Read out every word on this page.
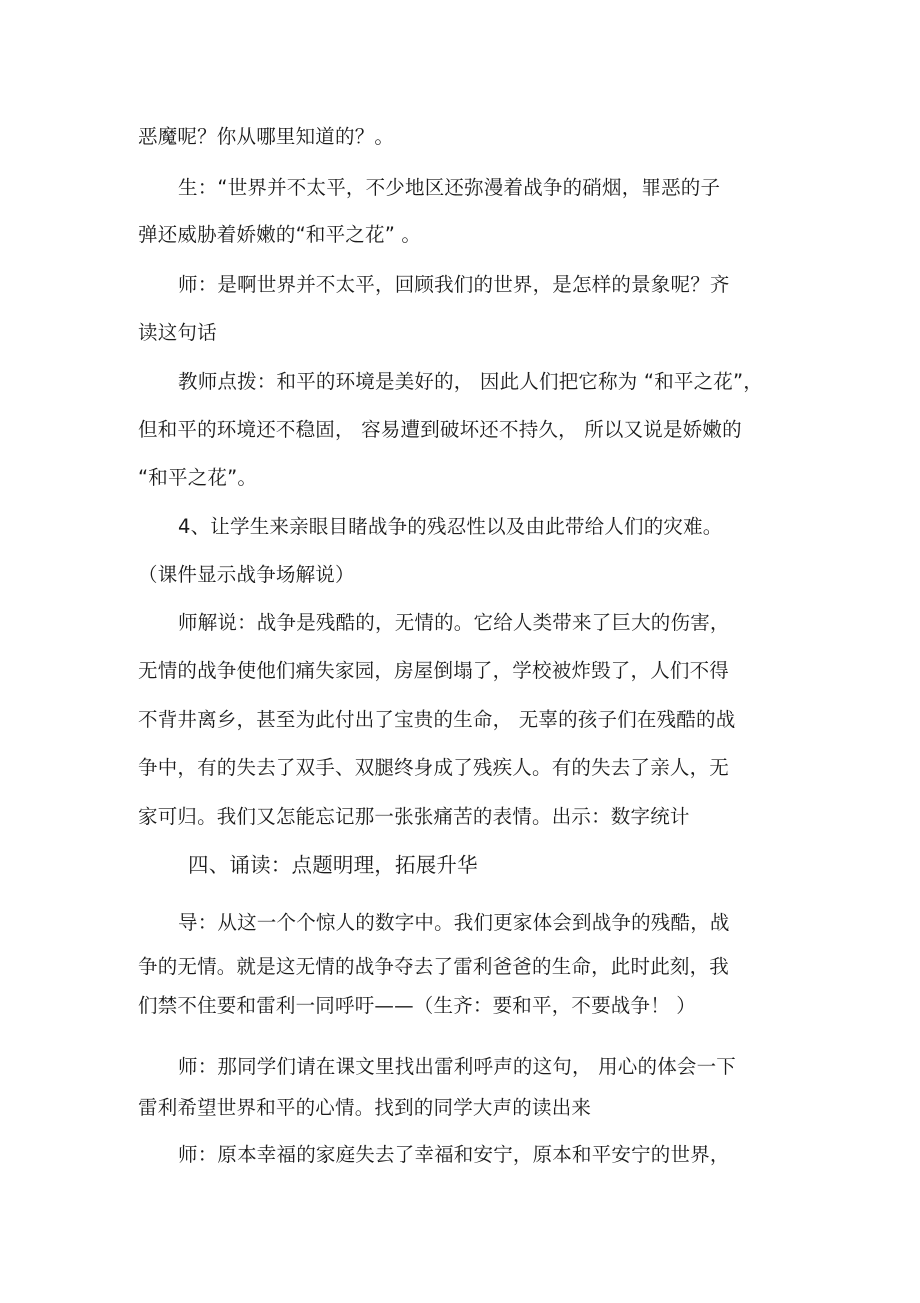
恶魔呢？你从哪里知道的？。
生：“世界并不太平，不少地区还弥漫着战争的硝烟，罪恶的子
弹还威胁着娇嫩的“和平之花” 。
师：是啊世界并不太平，回顾我们的世界，是怎样的景象呢？齐
读这句话
教师点拨：和平的环境是美好的， 因此人们把它称为 “和平之花”，
但和平的环境还不稳固， 容易遭到破坏还不持久， 所以又说是娇嫩的
“和平之花”。
4、让学生来亲眼目睹战争的残忍性以及由此带给人们的灾难。
（课件显示战争场解说）
师解说：战争是残酷的，无情的。它给人类带来了巨大的伤害，
无情的战争使他们痛失家园，房屋倒塌了，学校被炸毁了，人们不得
不背井离乡，甚至为此付出了宝贵的生命， 无辜的孩子们在残酷的战
争中，有的失去了双手、双腿终身成了残疾人。有的失去了亲人，无
家可归。我们又怎能忘记那一张张痛苦的表情。出示：数字统计
四、诵读：点题明理，拓展升华
导：从这一个个惊人的数字中。我们更家体会到战争的残酷，战
争的无情。就是这无情的战争夺去了雷利爸爸的生命，此时此刻，我
们禁不住要和雷利一同呼吁——（生齐：要和平，不要战争！ ）
师：那同学们请在课文里找出雷利呼声的这句， 用心的体会一下
雷利希望世界和平的心情。找到的同学大声的读出来
师：原本幸福的家庭失去了幸福和安宁，原本和平安宁的世界，
